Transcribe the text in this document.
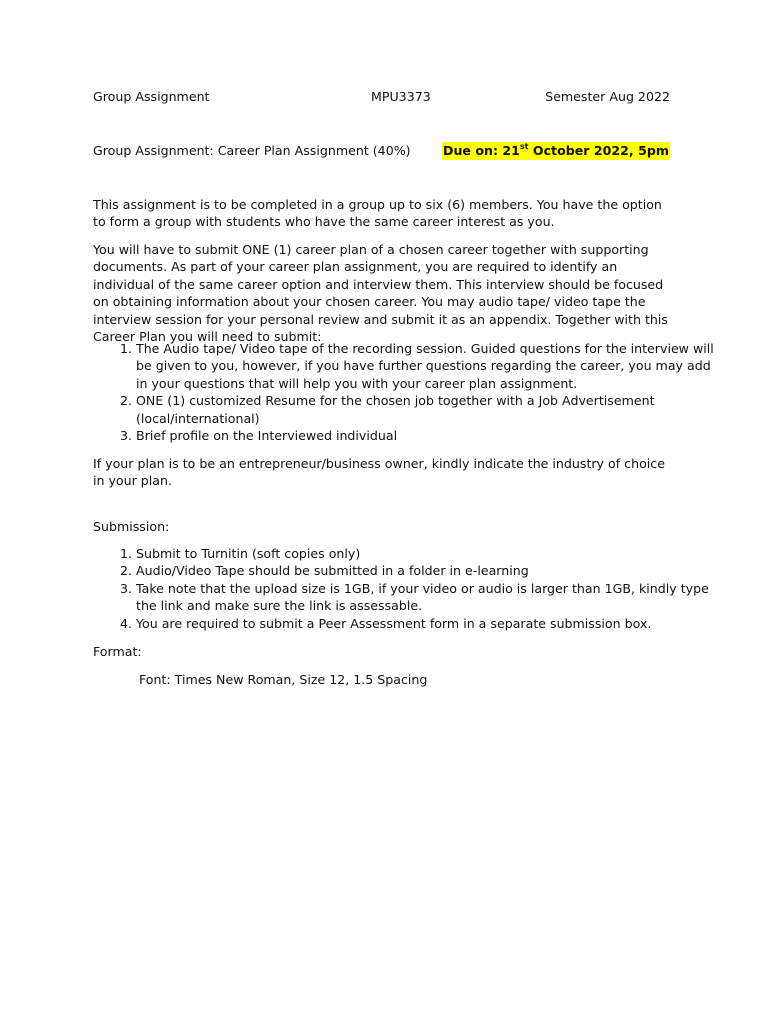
Group Assignment	MPU3373	Semester Aug 2022
Group Assignment: Career Plan Assignment (40%)	Due on: 21st October 2022, 5pm

This assignment is to be completed in a group up to six (6) members. You have the option to form a group with students who have the same career interest as you.

You will have to submit ONE (1) career plan of a chosen career together with supporting documents. As part of your career plan assignment, you are required to identify an individual of the same career option and interview them. This interview should be focused on obtaining information about your chosen career. You may audio tape/ video tape the interview session for your personal review and submit it as an appendix. Together with this Career Plan you will need to submit:

1. The Audio tape/ Video tape of the recording session. Guided questions for the interview will be given to you, however, if you have further questions regarding the career, you may add in your questions that will help you with your career plan assignment.
2. ONE (1) customized Resume for the chosen job together with a Job Advertisement (local/international)
3. Brief profile on the Interviewed individual

If your plan is to be an entrepreneur/business owner, kindly indicate the industry of choice in your plan.

Submission:
1. Submit to Turnitin (soft copies only)
2. Audio/Video Tape should be submitted in a folder in e-learning
3. Take note that the upload size is 1GB, if your video or audio is larger than 1GB, kindly type the link and make sure the link is assessable.
4. You are required to submit a Peer Assessment form in a separate submission box.
Format:
Font: Times New Roman, Size 12, 1.5 Spacing
